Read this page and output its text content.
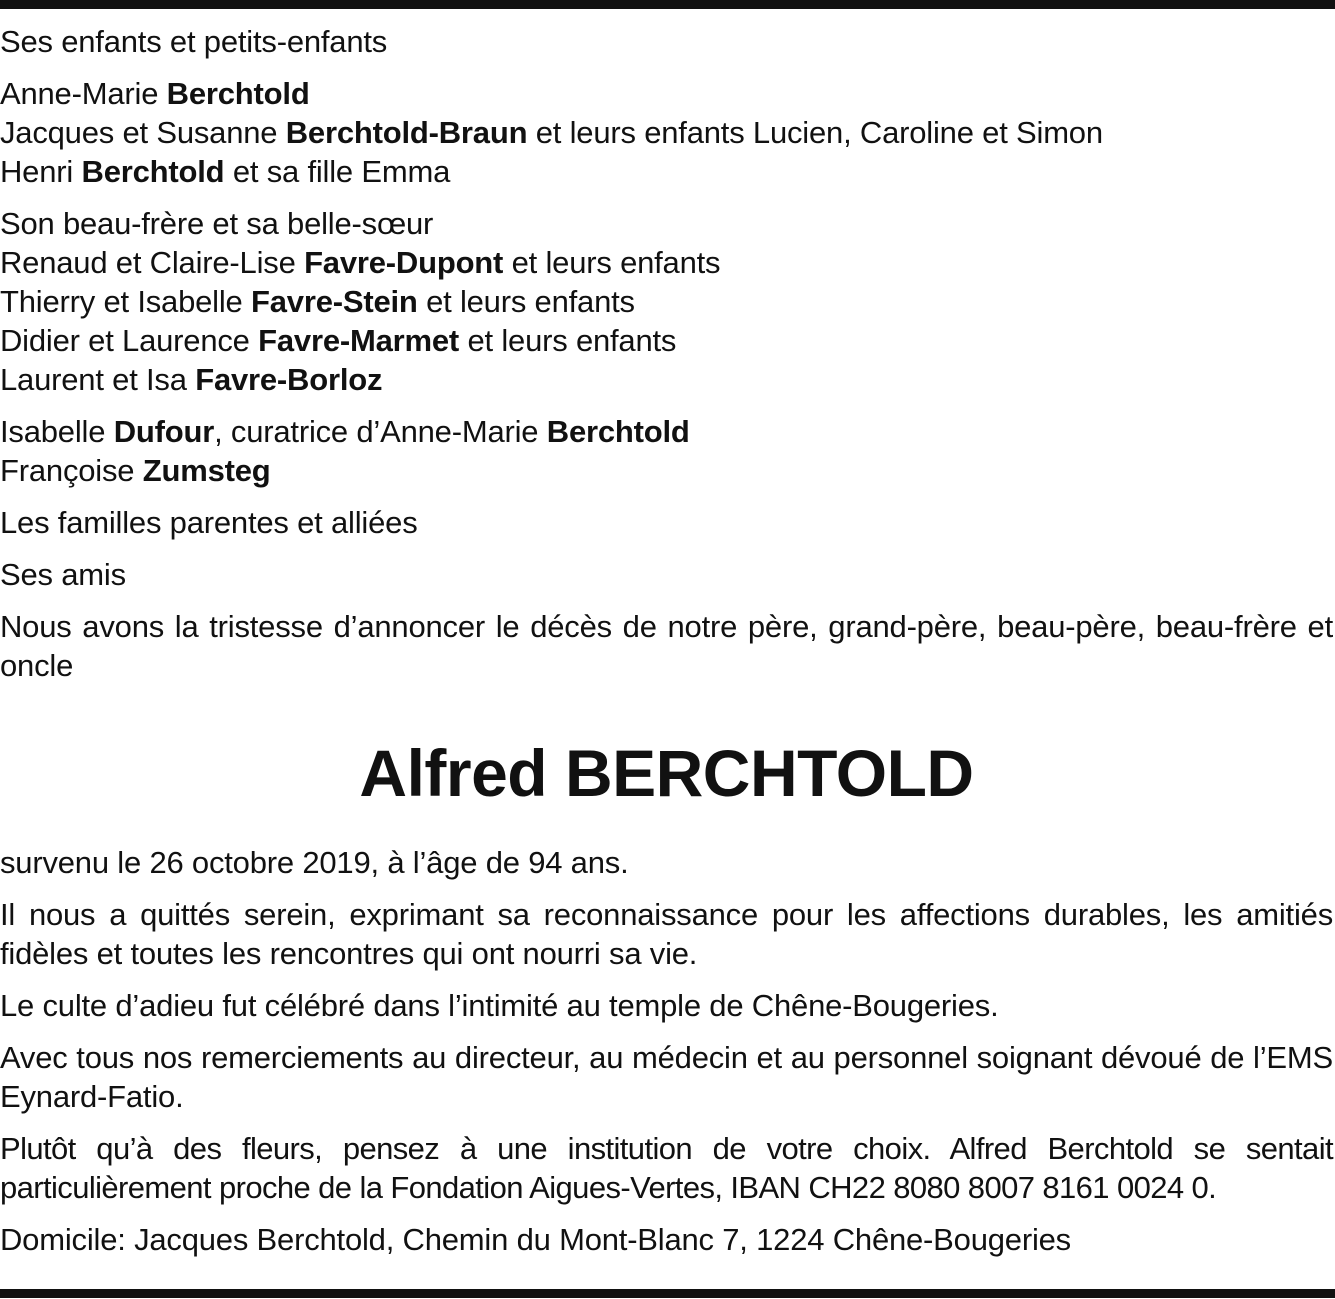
Ses enfants et petits-enfants
Anne-Marie Berchtold
Jacques et Susanne Berchtold-Braun et leurs enfants Lucien, Caroline et Simon
Henri Berchtold et sa fille Emma
Son beau-frère et sa belle-sœur
Renaud et Claire-Lise Favre-Dupont et leurs enfants
Thierry et Isabelle Favre-Stein et leurs enfants
Didier et Laurence Favre-Marmet et leurs enfants
Laurent et Isa Favre-Borloz
Isabelle Dufour, curatrice d’Anne-Marie Berchtold
Françoise Zumsteg
Les familles parentes et alliées
Ses amis
Nous avons la tristesse d’annoncer le décès de notre père, grand-père, beau-père, beau-frère et oncle
Alfred BERCHTOLD
survenu le 26 octobre 2019, à l’âge de 94 ans.
Il nous a quittés serein, exprimant sa reconnaissance pour les affections durables, les amitiés fidèles et toutes les rencontres qui ont nourri sa vie.
Le culte d’adieu fut célébré dans l’intimité au temple de Chêne-Bougeries.
Avec tous nos remerciements au directeur, au médecin et au personnel soignant dévoué de l’EMS Eynard-Fatio.
Plutôt qu’à des fleurs, pensez à une institution de votre choix. Alfred Berchtold se sentait particulièrement proche de la Fondation Aigues-Vertes, IBAN CH22 8080 8007 8161 0024 0.
Domicile: Jacques Berchtold, Chemin du Mont-Blanc 7, 1224 Chêne-Bougeries
